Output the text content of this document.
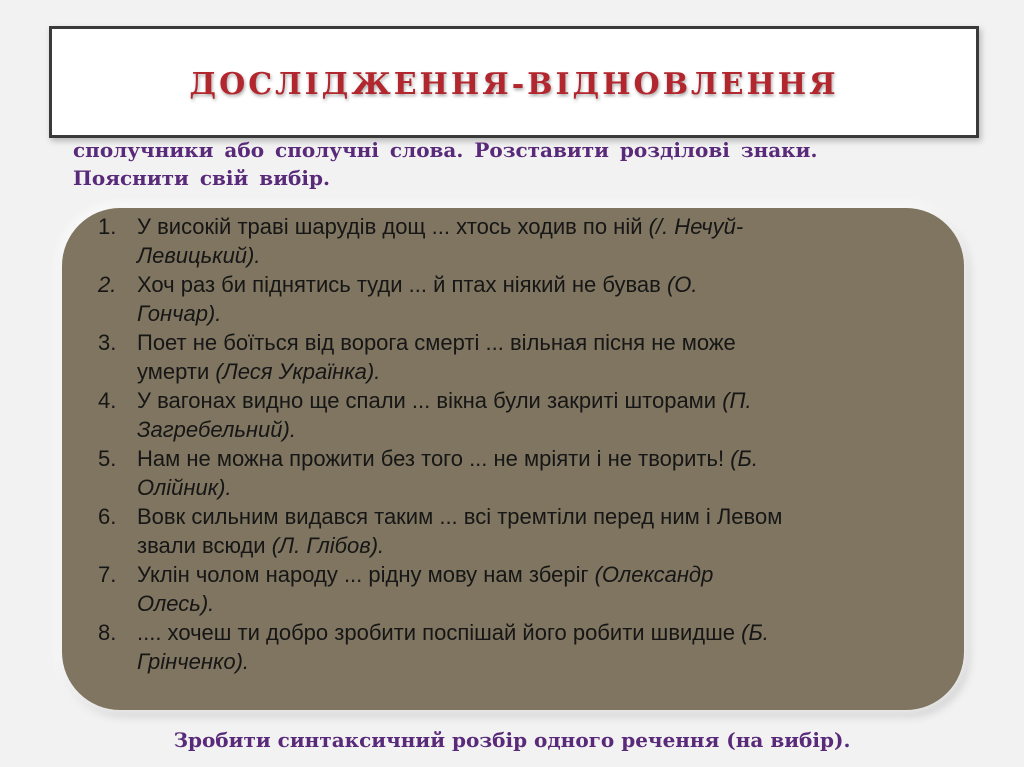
ДОСЛІДЖЕННЯ-ВІДНОВЛЕННЯ
сполучники або сполучні слова. Розставити розділові знаки.
Пояснити свій вибір.
1. У високій траві шарудів дощ ... хтось ходив по ній (/. Нечуй-
Левицький).
2. Хоч раз би піднятись туди ... й птах ніякий не бував (О.
Гончар).
3. Поет не боїться від ворога смерті ... вільная пісня не може
умерти (Леся Українка).
4. У вагонах видно ще спали ... вікна були закриті шторами (П.
Загребельний).
5. Нам не можна прожити без того ... не мріяти і не творить! (Б.
Олійник).
6. Вовк сильним видався таким ... всі тремтіли перед ним і Левом
звали всюди (Л. Глібов).
7. Уклін чолом народу ... рідну мову нам зберіг (Олександр
Олесь).
8. .... хочеш ти добро зробити поспішай його робити швидше (Б.
Грінченко).
Зробити синтаксичний розбір одного речення (на вибір).
